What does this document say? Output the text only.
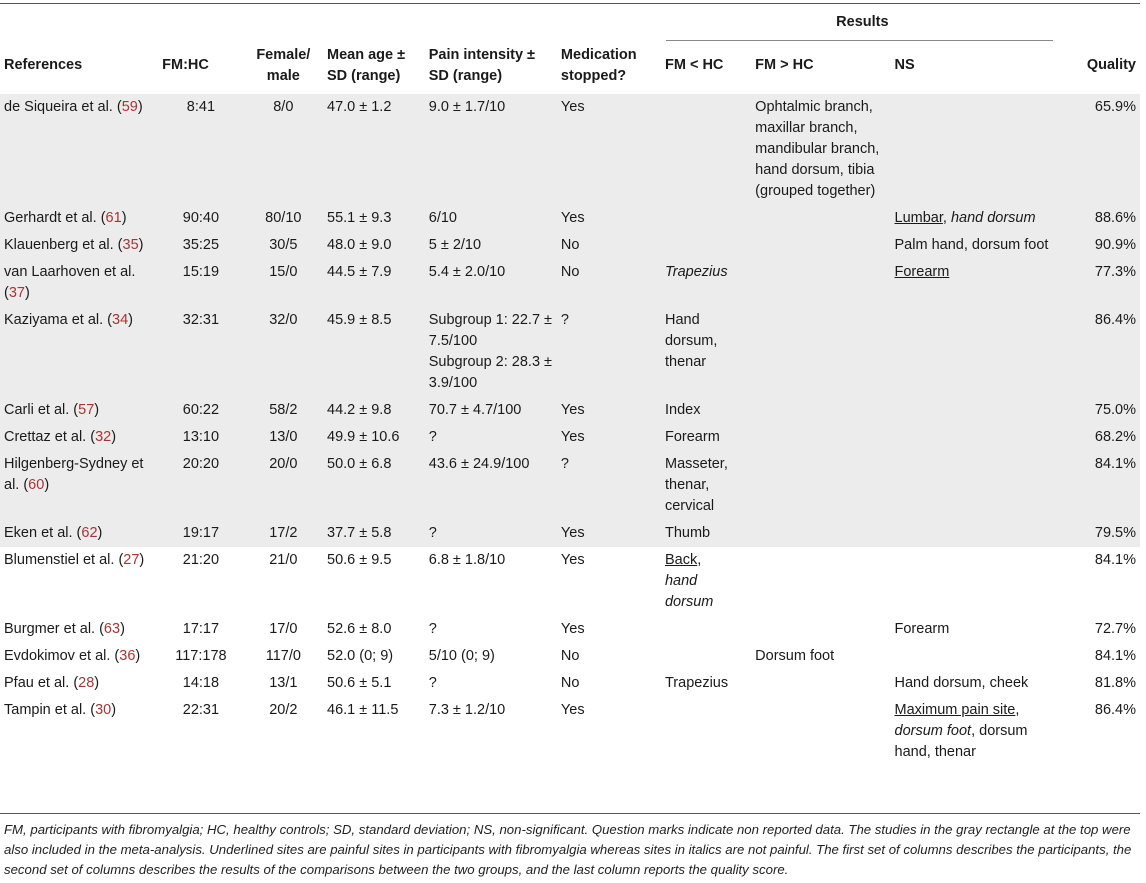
						Results			
References	FM:HC	Female/ male	Mean age ± SD (range)	Pain intensity ± SD (range)	Medication stopped?	FM < HC	FM > HC	NS	Quality
de Siqueira et al. (59)	8:41	8/0	47.0 ± 1.2	9.0 ± 1.7/10	Yes		Ophtalmic branch, maxillar branch, mandibular branch, hand dorsum, tibia (grouped together)		65.9%
Gerhardt et al. (61)	90:40	80/10	55.1 ± 9.3	6/10	Yes			Lumbar, hand dorsum	88.6%
Klauenberg et al. (35)	35:25	30/5	48.0 ± 9.0	5 ± 2/10	No			Palm hand, dorsum foot	90.9%
van Laarhoven et al. (37)	15:19	15/0	44.5 ± 7.9	5.4 ± 2.0/10	No	Trapezius		Forearm	77.3%
Kaziyama et al. (34)	32:31	32/0	45.9 ± 8.5	Subgroup 1: 22.7 ± 7.5/100
Subgroup 2: 28.3 ± 3.9/100	?	Hand dorsum, thenar			86.4%
Carli et al. (57)	60:22	58/2	44.2 ± 9.8	70.7 ± 4.7/100	Yes	Index			75.0%
Crettaz et al. (32)	13:10	13/0	49.9 ± 10.6	?	Yes	Forearm			68.2%
Hilgenberg-Sydney et al. (60)	20:20	20/0	50.0 ± 6.8	43.6 ± 24.9/100	?	Masseter, thenar, cervical			84.1%
Eken et al. (62)	19:17	17/2	37.7 ± 5.8	?	Yes	Thumb			79.5%
Blumenstiel et al. (27)	21:20	21/0	50.6 ± 9.5	6.8 ± 1.8/10	Yes	Back,
hand dorsum			84.1%
Burgmer et al. (63)	17:17	17/0	52.6 ± 8.0	?	Yes			Forearm	72.7%
Evdokimov et al. (36)	117:178	117/0	52.0 (0; 9)	5/10 (0; 9)	No		Dorsum foot		84.1%
Pfau et al. (28)	14:18	13/1	50.6 ± 5.1	?	No	Trapezius		Hand dorsum, cheek	81.8%
Tampin et al. (30)	22:31	20/2	46.1 ± 11.5	7.3 ± 1.2/10	Yes			Maximum pain site,
dorsum foot, dorsum hand, thenar	86.4%
FM, participants with fibromyalgia; HC, healthy controls; SD, standard deviation; NS, non-significant. Question marks indicate non reported data. The studies in the gray rectangle at the top were also included in the meta-analysis. Underlined sites are painful sites in participants with fibromyalgia whereas sites in italics are not painful. The first set of columns describes the participants, the second set of columns describes the results of the comparisons between the two groups, and the last column reports the quality score.
